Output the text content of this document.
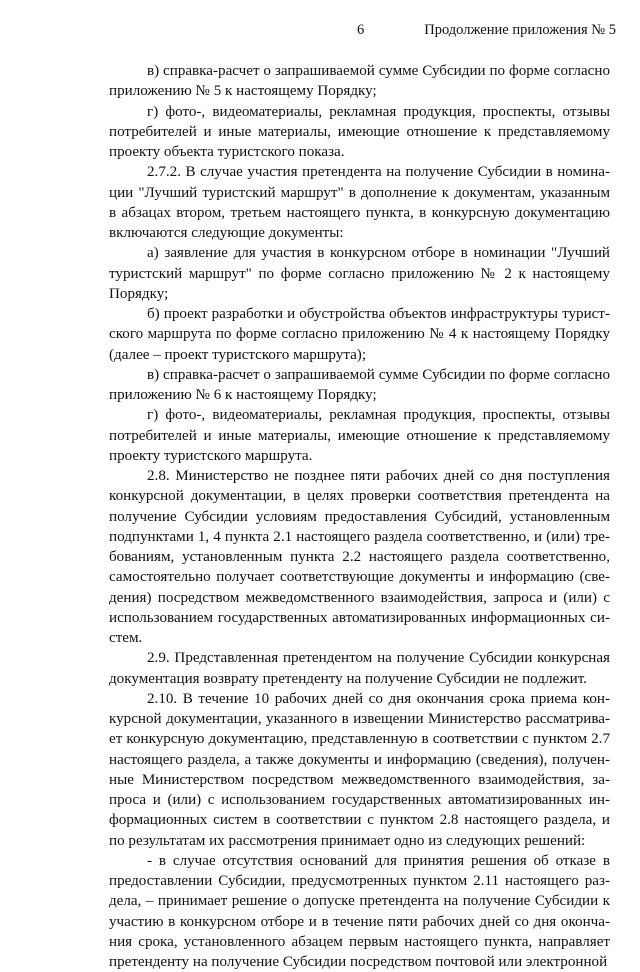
6	Продолжение приложения № 5

в) справка-расчет о запрашиваемой сумме Субсидии по форме согласно приложению № 5 к настоящему Порядку;

г) фото-, видеоматериалы, рекламная продукция, проспекты, отзывы потребителей и иные материалы, имеющие отношение к представляемому проекту объекта туристского показа.

2.7.2. В случае участия претендента на получение Субсидии в номинации "Лучший туристский маршрут" в дополнение к документам, указанным в абзацах втором, третьем настоящего пункта, в конкурсную документацию включаются следующие документы:

а) заявление для участия в конкурсном отборе в номинации "Лучший туристский маршрут" по форме согласно приложению № 2 к настоящему Порядку;

б) проект разработки и обустройства объектов инфраструктуры туристского маршрута по форме согласно приложению № 4 к настоящему Порядку (далее – проект туристского маршрута);

в) справка-расчет о запрашиваемой сумме Субсидии по форме согласно приложению № 6 к настоящему Порядку;

г) фото-, видеоматериалы, рекламная продукция, проспекты, отзывы потребителей и иные материалы, имеющие отношение к представляемому проекту туристского маршрута.

2.8. Министерство не позднее пяти рабочих дней со дня поступления конкурсной документации, в целях проверки соответствия претендента на получение Субсидии условиям предоставления Субсидий, установленным подпунктами 1, 4 пункта 2.1 настоящего раздела соответственно, и (или) требованиям, установленным пункта 2.2 настоящего раздела соответственно, самостоятельно получает соответствующие документы и информацию (сведения) посредством межведомственного взаимодействия, запроса и (или) с использованием государственных автоматизированных информационных систем.

2.9. Представленная претендентом на получение Субсидии конкурсная документация возврату претенденту на получение Субсидии не подлежит.

2.10. В течение 10 рабочих дней со дня окончания срока приема конкурсной документации, указанного в извещении Министерство рассматривает конкурсную документацию, представленную в соответствии с пунктом 2.7 настоящего раздела, а также документы и информацию (сведения), полученные Министерством посредством межведомственного взаимодействия, запроса и (или) с использованием государственных автоматизированных информационных систем в соответствии с пунктом 2.8 настоящего раздела, и по результатам их рассмотрения принимает одно из следующих решений:

- в случае отсутствия оснований для принятия решения об отказе в предоставлении Субсидии, предусмотренных пунктом 2.11 настоящего раздела, – принимает решение о допуске претендента на получение Субсидии к участию в конкурсном отборе и в течение пяти рабочих дней со дня окончания срока, установленного абзацем первым настоящего пункта, направляет претенденту на получение Субсидии посредством почтовой или электронной
